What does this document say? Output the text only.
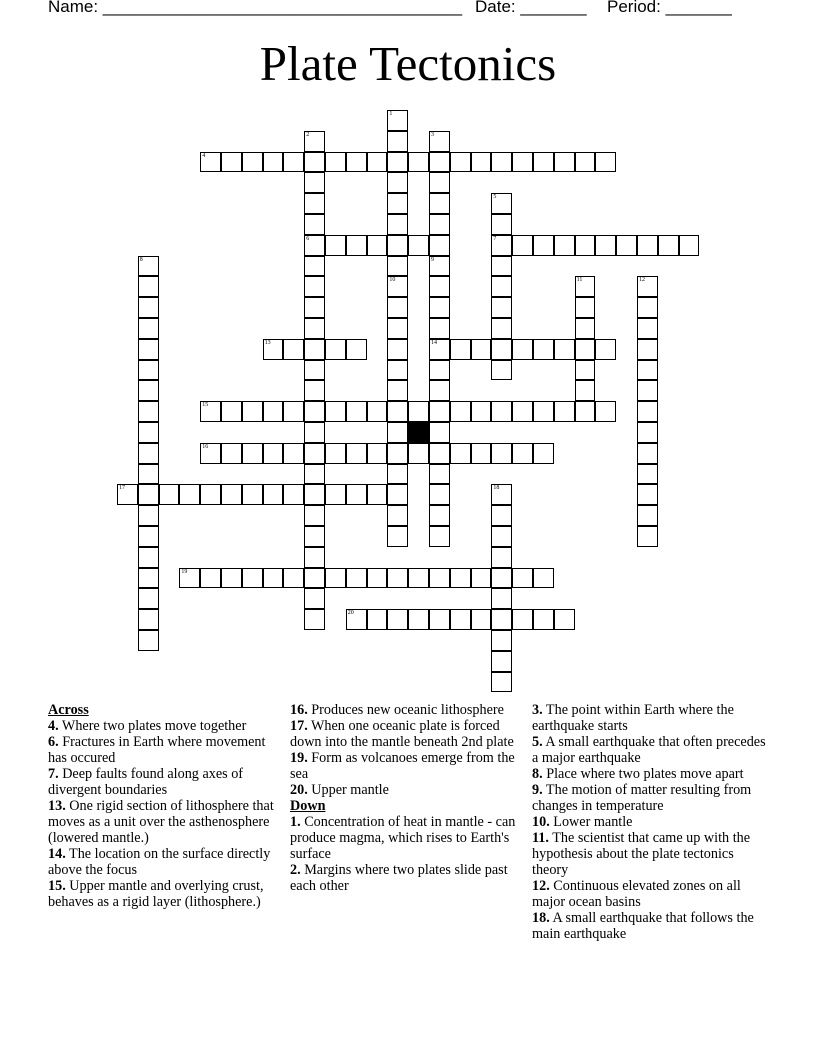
Name: ______________________________________ Date: _______ Period: _______
Plate Tectonics
4
6	7
13	14
15
16
17
19
20
1
10
2	3
5
8	9
11	12
18

Across

4. Where two plates move together

6. Fractures in Earth where movement has occured

7. Deep faults found along axes of divergent boundaries

13. One rigid section of lithosphere that moves as a unit over the asthenosphere (lowered mantle.)

14. The location on the surface directly above the focus

15. Upper mantle and overlying crust, behaves as a rigid layer (lithosphere.)

16. Produces new oceanic lithosphere

17. When one oceanic plate is forced down into the mantle beneath 2nd plate

19. Form as volcanoes emerge from the sea

20. Upper mantle

Down

1. Concentration of heat in mantle - can produce magma, which rises to Earth's surface

2. Margins where two plates slide past each other

3. The point within Earth where the earthquake starts

5. A small earthquake that often precedes a major earthquake

8. Place where two plates move apart

9. The motion of matter resulting from changes in temperature

10. Lower mantle

11. The scientist that came up with the hypothesis about the plate tectonics theory

12. Continuous elevated zones on all major ocean basins

18. A small earthquake that follows the main earthquake
